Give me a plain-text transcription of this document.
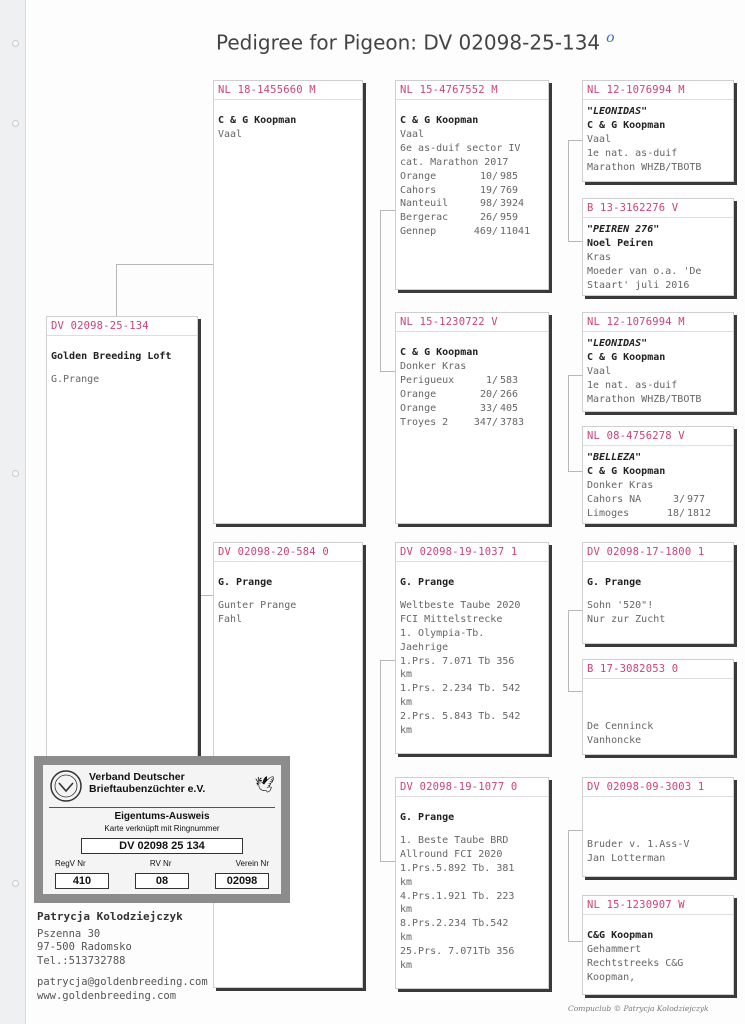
Pedigree for Pigeon: DV 02098-25-134 $^o$
DV 02098-25-134
Golden Breeding Loft
G.Prange
NL 18-1455660 M
C & G Koopman
Vaal
DV 02098-20-584 0
G. Prange
Gunter Prange
Fahl
NL 15-4767552 M
C & G Koopman
Vaal
6e as-duif sector IV
cat. Marathon 2017
Orange	10/ 985
Cahors	19/ 769
Nanteuil	98/ 3924
Bergerac	26/ 959
Gennep	469/ 11041
NL 15-1230722 V
C & G Koopman
Donker Kras
Perigueux	1/ 583
Orange	20/ 266
Orange	33/ 405
Troyes 2	347/ 3783
DV 02098-19-1037 1
G. Prange
Weltbeste Taube 2020
FCI Mittelstrecke
1. Olympia-Tb.
Jaehrige
1.Prs. 7.071 Tb 356
km
1.Prs. 2.234 Tb. 542
km
2.Prs. 5.843 Tb. 542
km
DV 02098-19-1077 0
G. Prange
1. Beste Taube BRD
Allround FCI 2020
1.Prs.5.892 Tb. 381
km
4.Prs.1.921 Tb. 223
km
8.Prs.2.234 Tb.542
km
25.Prs. 7.071Tb 356
km
NL 12-1076994 M
"LEONIDAS"
C & G Koopman
Vaal
1e nat. as-duif
Marathon WHZB/TBOTB
B 13-3162276 V
"PEIREN 276"
Noel Peiren
Kras
Moeder van o.a. 'De
Staart' juli 2016
NL 12-1076994 M
"LEONIDAS"
C & G Koopman
Vaal
1e nat. as-duif
Marathon WHZB/TBOTB
NL 08-4756278 V
"BELLEZA"
C & G Koopman
Donker Kras
Cahors NA	3/ 977
Limoges	18/ 1812
DV 02098-17-1800 1
G. Prange
Sohn '520"!
Nur zur Zucht
B 17-3082053 0
De Cenninck
Vanhoncke
DV 02098-09-3003 1
Bruder v. 1.Ass-V
Jan Lotterman
NL 15-1230907 W
C&G Koopman
Gehammert
Rechtstreeks C&G
Koopman,
Verband Deutscher
Brieftaubenzüchter e.V.	🕊
Eigentums-Ausweis
Karte verknüpft mit Ringnummer
DV 02098 25 134
RegV Nr	RV Nr	Verein Nr
410	08	02098
Patrycja Kolodziejczyk
Pszenna 30
97-500 Radomsko
Tel.:513732788
patrycja@goldenbreeding.com
www.goldenbreeding.com
Compuclub © Patrycja Kolodziejczyk
